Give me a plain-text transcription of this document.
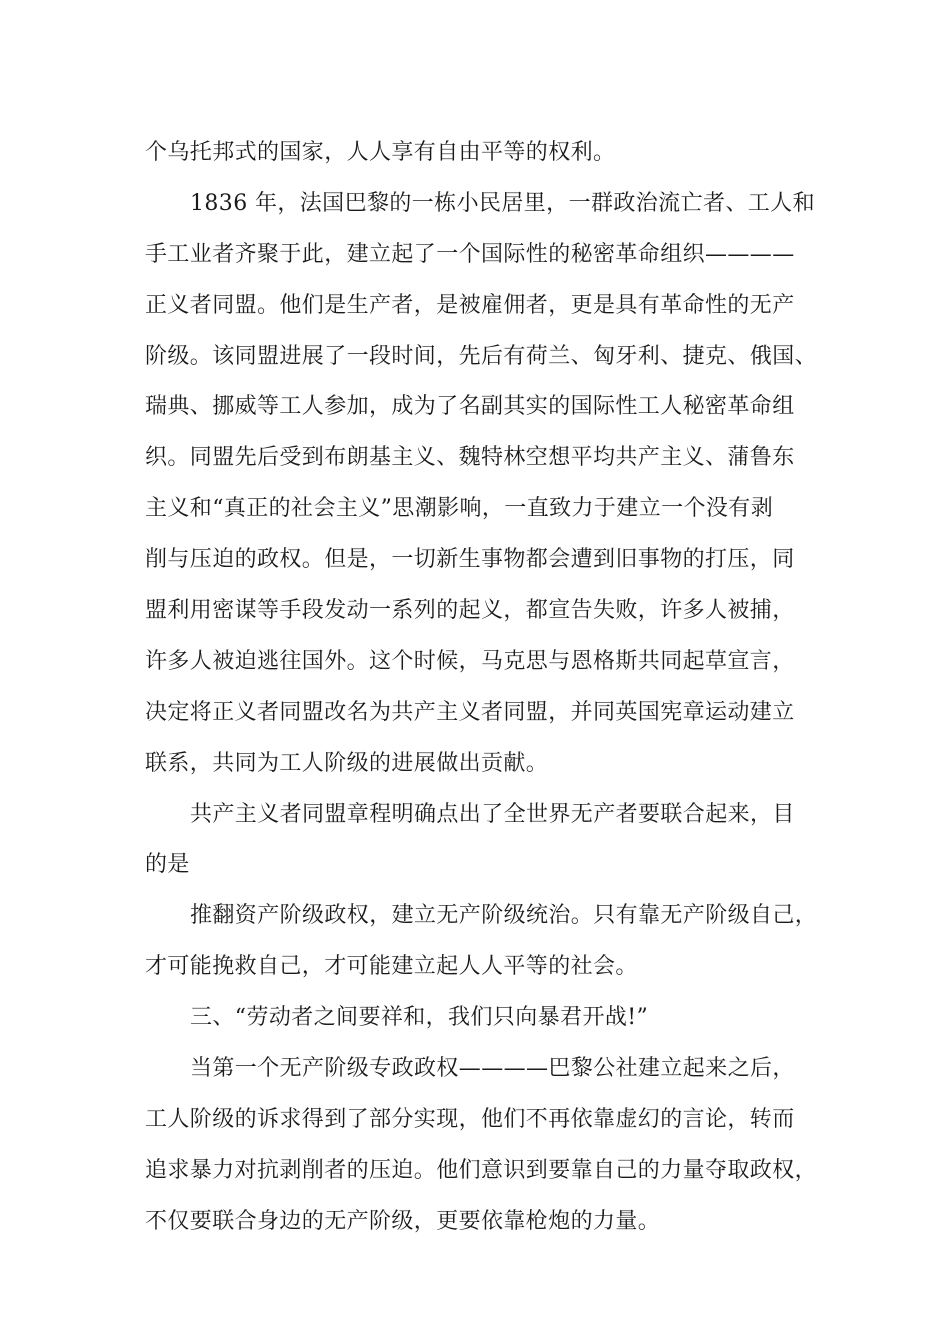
个乌托邦式的国家，人人享有自由平等的权利。
1836 年，法国巴黎的一栋小民居里，一群政治流亡者、工人和
手工业者齐聚于此，建立起了一个国际性的秘密革命组织————
正义者同盟。他们是生产者，是被雇佣者，更是具有革命性的无产
阶级。该同盟进展了一段时间，先后有荷兰、匈牙利、捷克、俄国、
瑞典、挪威等工人参加，成为了名副其实的国际性工人秘密革命组
织。同盟先后受到布朗基主义、魏特林空想平均共产主义、蒲鲁东
主义和“真正的社会主义”思潮影响，一直致力于建立一个没有剥
削与压迫的政权。但是，一切新生事物都会遭到旧事物的打压，同
盟利用密谋等手段发动一系列的起义，都宣告失败，许多人被捕，
许多人被迫逃往国外。这个时候，马克思与恩格斯共同起草宣言，
决定将正义者同盟改名为共产主义者同盟，并同英国宪章运动建立
联系，共同为工人阶级的进展做出贡献。
共产主义者同盟章程明确点出了全世界无产者要联合起来，目
的是
推翻资产阶级政权，建立无产阶级统治。只有靠无产阶级自己，
才可能挽救自己，才可能建立起人人平等的社会。
三、“劳动者之间要祥和，我们只向暴君开战!”
当第一个无产阶级专政政权————巴黎公社建立起来之后，
工人阶级的诉求得到了部分实现，他们不再依靠虚幻的言论，转而
追求暴力对抗剥削者的压迫。他们意识到要靠自己的力量夺取政权，
不仅要联合身边的无产阶级，更要依靠枪炮的力量。
